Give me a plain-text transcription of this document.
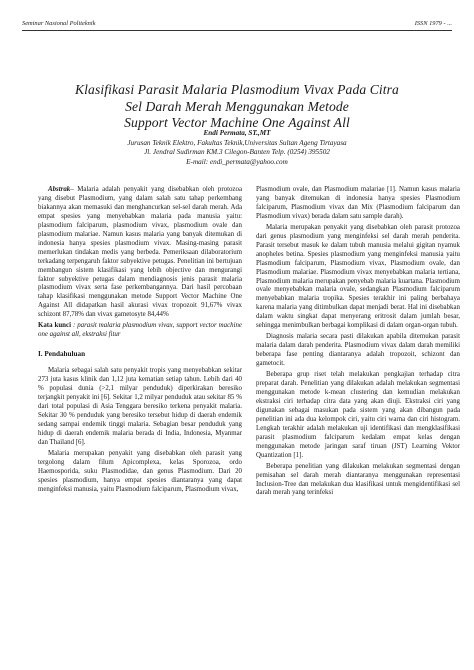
Seminar Nasional Politeknik	ISSN 1979 - ...
Klasifikasi Parasit Malaria Plasmodium Vivax Pada Citra
Sel Darah Merah Menggunakan Metode
Support Vector Machine One Against All
Endi Permata, ST.,MT
Jurusan Teknik Elektro, Fakultas Teknik,Universitas Sultan Ageng Tirtayasa
Jl. Jendral Sudirman KM.3 Cilegon-Banten Telp. (0254) 395502
E-mail: endi_permata@yahoo.com

Abstrak– Malaria adalah penyakit yang disebabkan oleh protozoa yang disebut Plasmodium, yang dalam salah satu tahap perkembang biakannya akan memasuki dan menghancurkan sel-sel darah merah. Ada empat spesies yang menyebabkan malaria pada manusia yaitu: plasmodium falciparum, plasmodium vivax, plasmodium ovale dan plasmodium malariae. Namun kasus malaria yang banyak ditemukan di indonesia hanya spesies plasmodium vivax. Masing-masing parasit memerlukan tindakan medis yang berbeda. Pemeriksaan dilaboratorium terkadang terpengaruh faktor subyektive petugas. Penelitian ini bertujuan membangun sistem klasifikasi yang lebih objective dan mengurangi faktor subyektive petugas dalam mendiagnosis jenis parasit malaria plasmodium vivax serta fase perkembangannya. Dari hasil percobaan tahap klasifikasi menggunakan metode Support Vector Machine One Against All didapatkan hasil akurasi vivax tropozoit 91,67% vivax schizont 87,78% dan vivax gametosyte 84,44%

Kata kunci : parasit malaria plasmodium vivax, support vector machine one against all, ekstraksi fitur

I. Pendahuluan

Malaria sebagai salah satu penyakit tropis yang menyebabkan sekitar 273 juta kasus klinik dan 1,12 juta kematian setiap tahun. Lebih dari 40 % populasi dunia (>2,1 milyar penduduk) diperkirakan beresiko terjangkit penyakit ini [6]. Sekitar 1,2 milyar penduduk atau sekitar 85 % dari total populasi di Asia Tenggara beresiko terkena penyakit malaria. Sekitar 30 % penduduk yang beresiko tersebut hidup di daerah endemik sedang sampai endemik tinggi malaria. Sebagian besar penduduk yang hidup di daerah endemik malaria berada di India, Indonesia, Myanmar dan Thailand [6].

Malaria merupakan penyakit yang disebabkan oleh parasit yang tergolong dalam filum Apicomplexa, kelas Sporozoa, ordo Haemosporida, suku Plasmodidae, dan genus Plasmodium. Dari 20 spesies plasmodium, hanya empat spesies diantaranya yang dapat menginfeksi manusia, yaitu Plasmodium falciparum, Plasmodium vivax,

Plasmodium ovale, dan Plasmodium malariae [1]. Namun kasus malaria yang banyak ditemukan di indonesia hanya spesies Plasmodium falciparum, Plasmodium vivax dan Mix (Plasmodium falciparum dan Plasmodium vivax) berada dalam satu sample darah).

Malaria merupakan penyakit yang disebabkan oleh parasit protozoa dari genus plasmodium yang menginfeksi sel darah merah penderita. Parasit tersebut masuk ke dalam tubuh manusia melalui gigitan nyamuk anopheles betina. Spesies plasmodium yang menginfeksi manusia yaitu Plasmodium falciparum, Plasmodium vivax, Plasmodium ovale, dan Plasmodium malariae. Plasmodium vivax menyebabkan malaria tertiana, Plasmodium malaria merupakan penyebab malaria kuartana. Plasmodium ovale menyebabkan malaria ovale, sedangkan Plasmodium falciparum menyebabkan malaria tropika. Spesies terakhir ini paling berbahaya karena malaria yang ditimbulkan dapat menjadi berat. Hal ini disebabkan dalam waktu singkat dapat menyerang eritrosit dalam jumlah besar, sehingga menimbulkan berbagai komplikasi di dalam organ-organ tubuh.

Diagnosis malaria secara pasti dilakukan apabila ditemukan parasit malaria dalam darah penderita. Plasmodium vivax dalam darah memiliki beberapa fase penting diantaranya adalah tropozoit, schizont dan gametocit.

Beberapa grup riset telah melakukan pengkajian terhadap citra preparat darah. Penelitian yang dilakukan adalah melakukan segmentasi menggunakan metode k-mean clustering dan kemudian melakukan ekstraksi ciri terhadap citra data yang akan diuji. Ekstraksi ciri yang digunakan sebagai masukan pada sistem yang akan dibangun pada penelitian ini ada dua kelompok ciri, yaitu ciri warna dan ciri histogram. Lengkah terakhir adalah melakukan uji identifikasi dan mengklasifikasi parasit plasmodium falciparum kedalam empat kelas dengan menggunakan metode jaringan saraf tiruan (JST) Learning Vektor Quantization [1].

Beberapa penelitian yang dilakukan melakukan segmentasi dengan pemisahan sel darah merah diantaranya menggunakan representasi Inclusion-Tree dan melakukan dua klasifikasi untuk mengidentifikasi sel darah merah yang terinfeksi
